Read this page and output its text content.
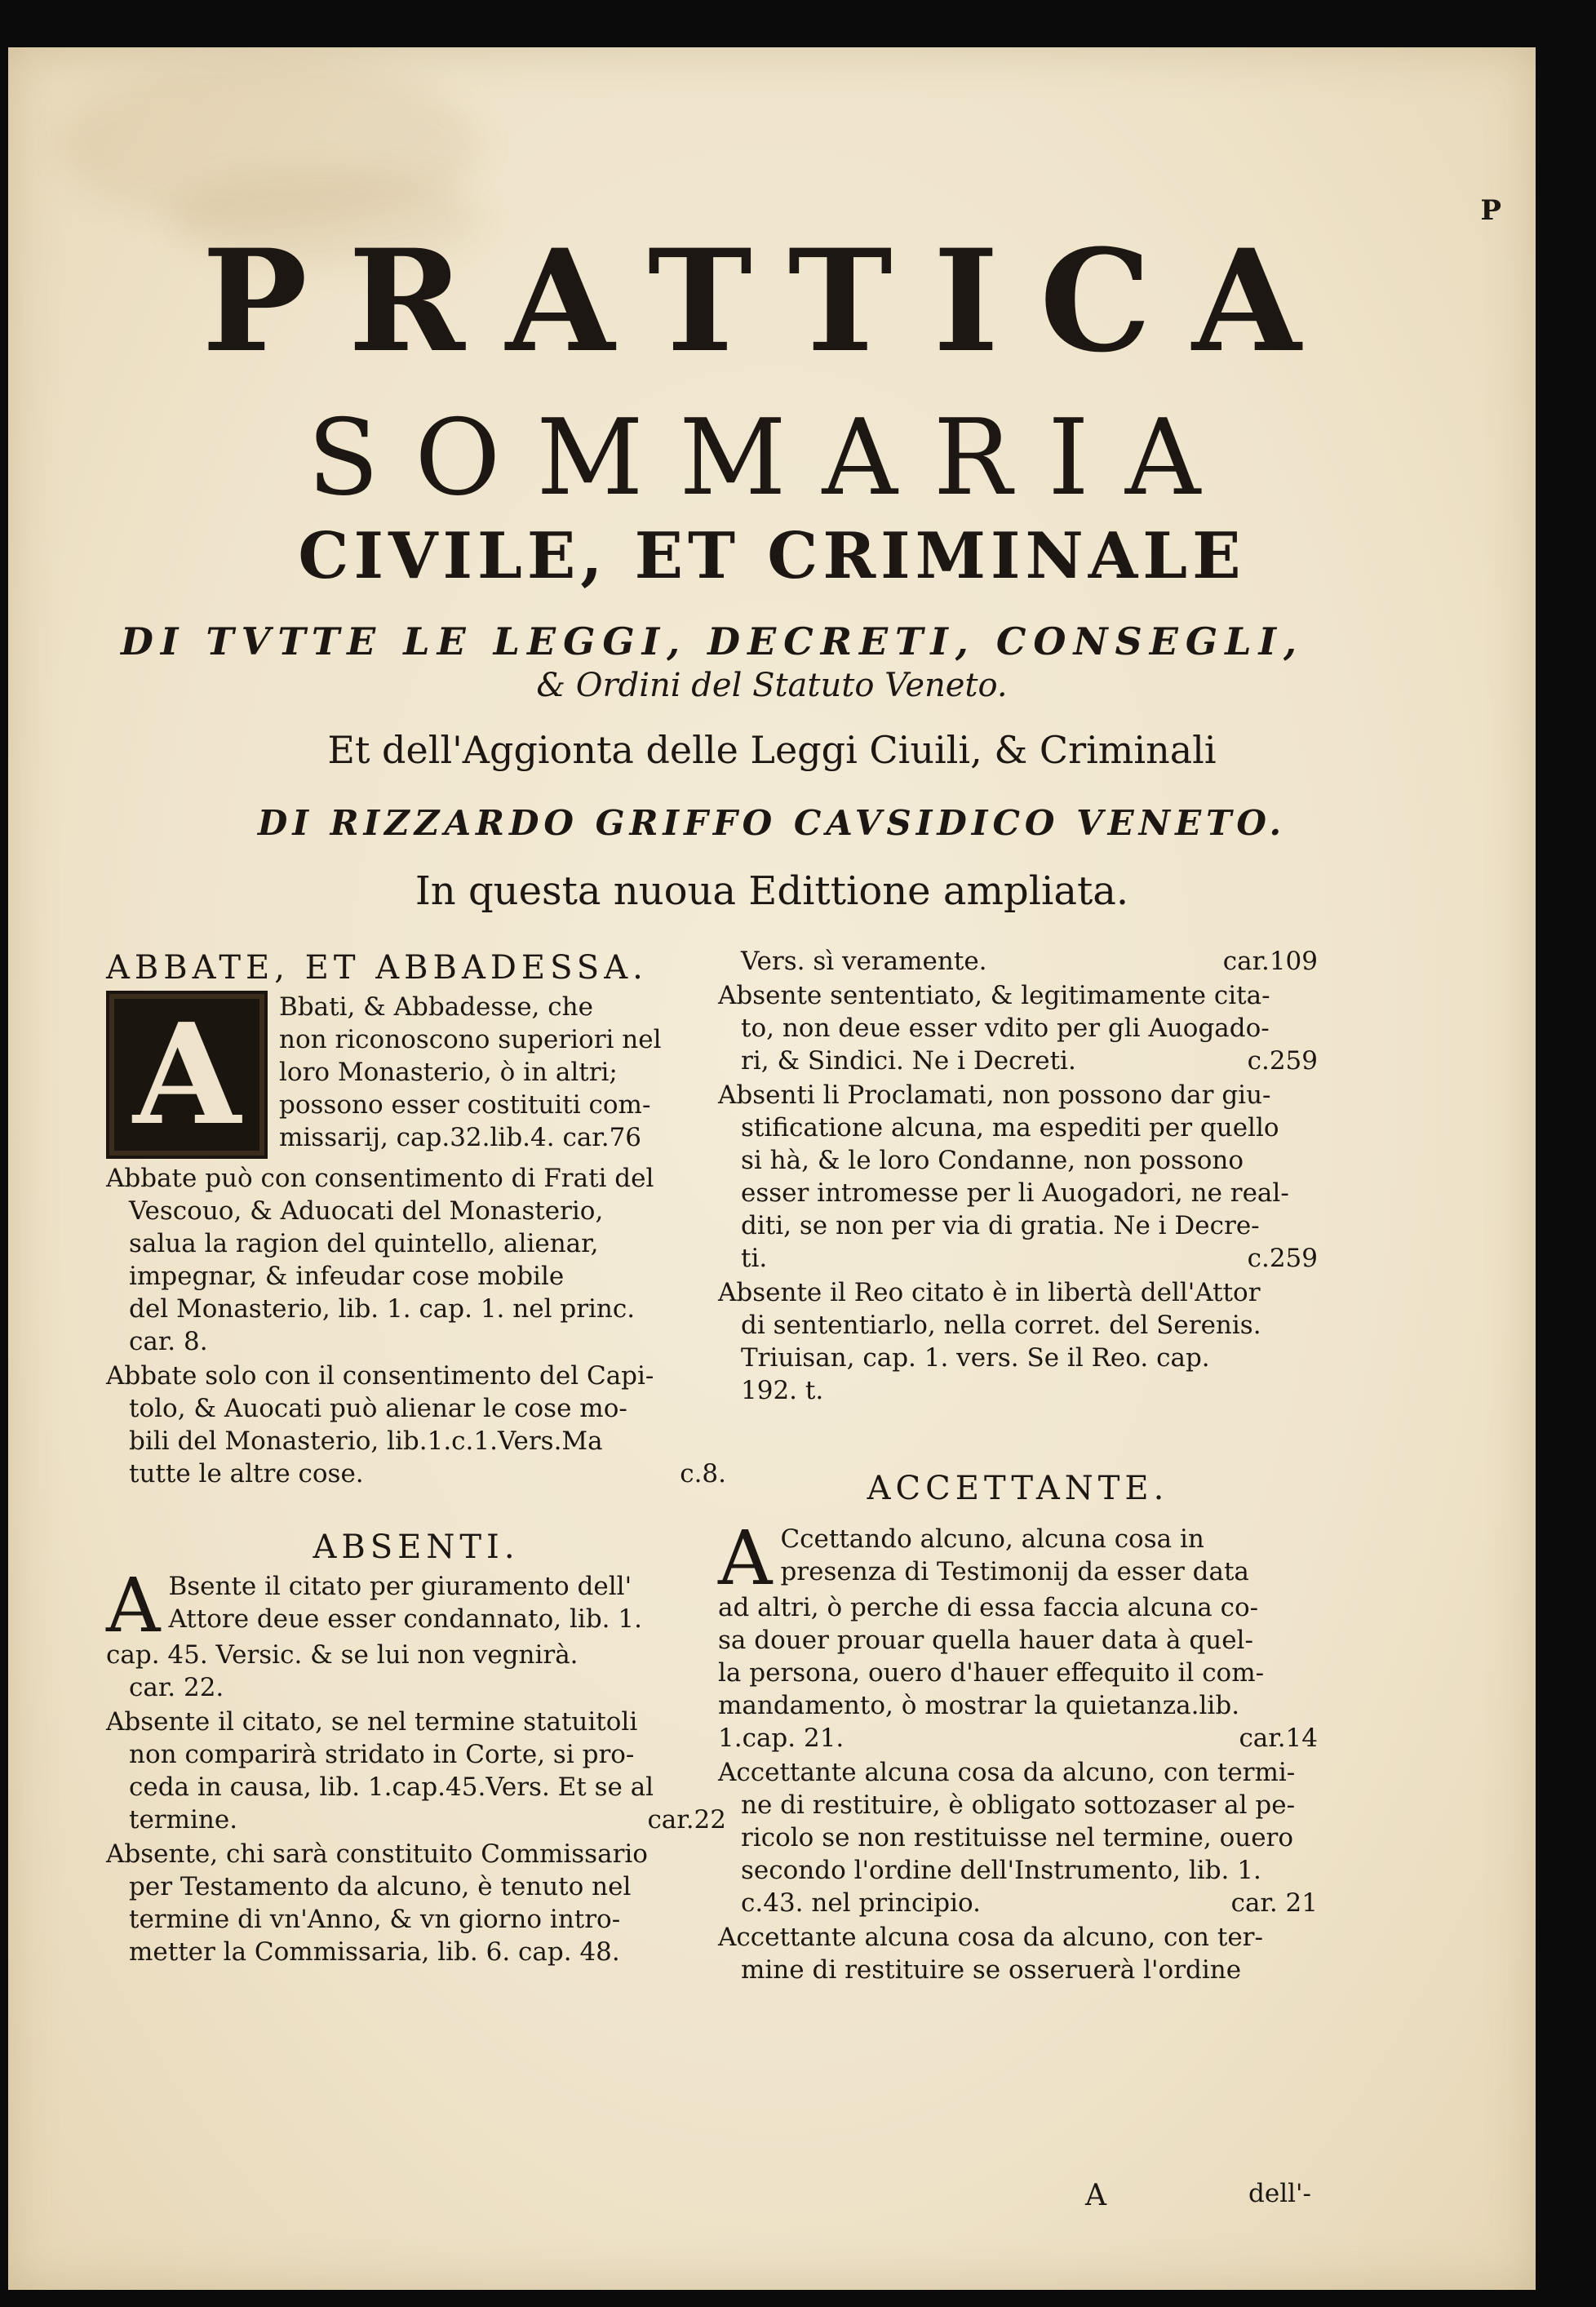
P
PRATTICA
SOMMARIA
CIVILE, ET CRIMINALE
DI TVTTE LE LEGGI, DECRETI, CONSEGLI,
& Ordini del Statuto Veneto.
Et dell'Aggionta delle Leggi Ciuili, & Criminali
DI RIZZARDO GRIFFO CAVSIDICO VENETO.
In questa nuoua Edittione ampliata.
ABBATE, ET ABBADESSA.
A	Bbati, & Abbadesse, che

non riconoscono superiori nel

loro Monasterio, ò in altri;

possono esser costituiti com-

missarij, cap.32.lib.4. car.76

Abbate può con consentimento di Frati del
Vescouo, & Aduocati del Monasterio,
salua la ragion del quintello, alienar,
impegnar, & infeudar cose mobile
del Monasterio, lib. 1. cap. 1. nel princ.
car. 8.
Abbate solo con il consentimento del Capi-
tolo, & Auocati può alienar le cose mo-
bili del Monasterio, lib.1.c.1.Vers.Ma
tutte le altre cose.	c.8.
ABSENTI.
A Bsente il citato per giuramento dell'
Attore deue esser condannato, lib. 1.
cap. 45. Versic. & se lui non vegnirà.
car. 22.
Absente il citato, se nel termine statuitoli
non comparirà stridato in Corte, si pro-
ceda in causa, lib. 1.cap.45.Vers. Et se al
termine.	car.22
Absente, chi sarà constituito Commissario
per Testamento da alcuno, è tenuto nel
termine di vn'Anno, & vn giorno intro-
metter la Commissaria, lib. 6. cap. 48.
Vers. sì veramente.	car.109
Absente sententiato, & legitimamente cita-
to, non deue esser vdito per gli Auogado-
ri, & Sindici. Ne i Decreti.	c.259
Absenti li Proclamati, non possono dar giu-
stificatione alcuna, ma espediti per quello
si hà, & le loro Condanne, non possono
esser intromesse per li Auogadori, ne real-
diti, se non per via di gratia. Ne i Decre-
ti.	c.259
Absente il Reo citato è in libertà dell'Attor
di sententiarlo, nella corret. del Serenis.
Triuisan, cap. 1. vers. Se il Reo. cap.
192. t.
ACCETTANTE.
A Ccettando alcuno, alcuna cosa in
presenza di Testimonij da esser data
ad altri, ò perche di essa faccia alcuna co-
sa douer prouar quella hauer data à quel-
la persona, ouero d'hauer effequito il com-
mandamento, ò mostrar la quietanza.lib.
1.cap. 21.	car.14
Accettante alcuna cosa da alcuno, con termi-
ne di restituire, è obligato sottozaser al pe-
ricolo se non restituisse nel termine, ouero
secondo l'ordine dell'Instrumento, lib. 1.
c.43. nel principio.	car. 21
Accettante alcuna cosa da alcuno, con ter-
mine di restituire se osseruerà l'ordine
A	dell'-
